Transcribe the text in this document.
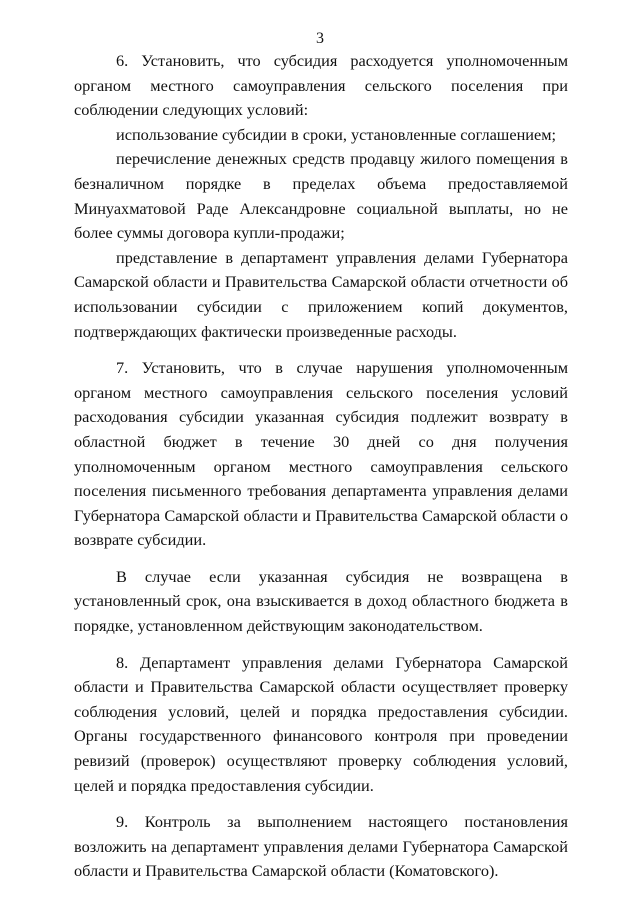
3

6. Установить, что субсидия расходуется уполномоченным органом местного самоуправления сельского поселения при соблюдении следующих условий:

использование субсидии в сроки, установленные соглашением;

перечисление денежных средств продавцу жилого помещения в безналичном порядке в пределах объема предоставляемой Минуахматовой Раде Александровне социальной выплаты, но не более суммы договора купли-продажи;

представление в департамент управления делами Губернатора Самарской области и Правительства Самарской области отчетности об использовании субсидии с приложением копий документов, подтверждающих фактически произведенные расходы.

7. Установить, что в случае нарушения уполномоченным органом местного самоуправления сельского поселения условий расходования субсидии указанная субсидия подлежит возврату в областной бюджет в течение 30 дней со дня получения уполномоченным органом местного самоуправления сельского поселения письменного требования департамента управления делами Губернатора Самарской области и Правительства Самарской области о возврате субсидии.

В случае если указанная субсидия не возвращена в установленный срок, она взыскивается в доход областного бюджета в порядке, установленном действующим законодательством.

8. Департамент управления делами Губернатора Самарской области и Правительства Самарской области осуществляет проверку соблюдения условий, целей и порядка предоставления субсидии. Органы государственного финансового контроля при проведении ревизий (проверок) осуществляют проверку соблюдения условий, целей и порядка предоставления субсидии.

9. Контроль за выполнением настоящего постановления возложить на департамент управления делами Губернатора Самарской области и Правительства Самарской области (Коматовского).
